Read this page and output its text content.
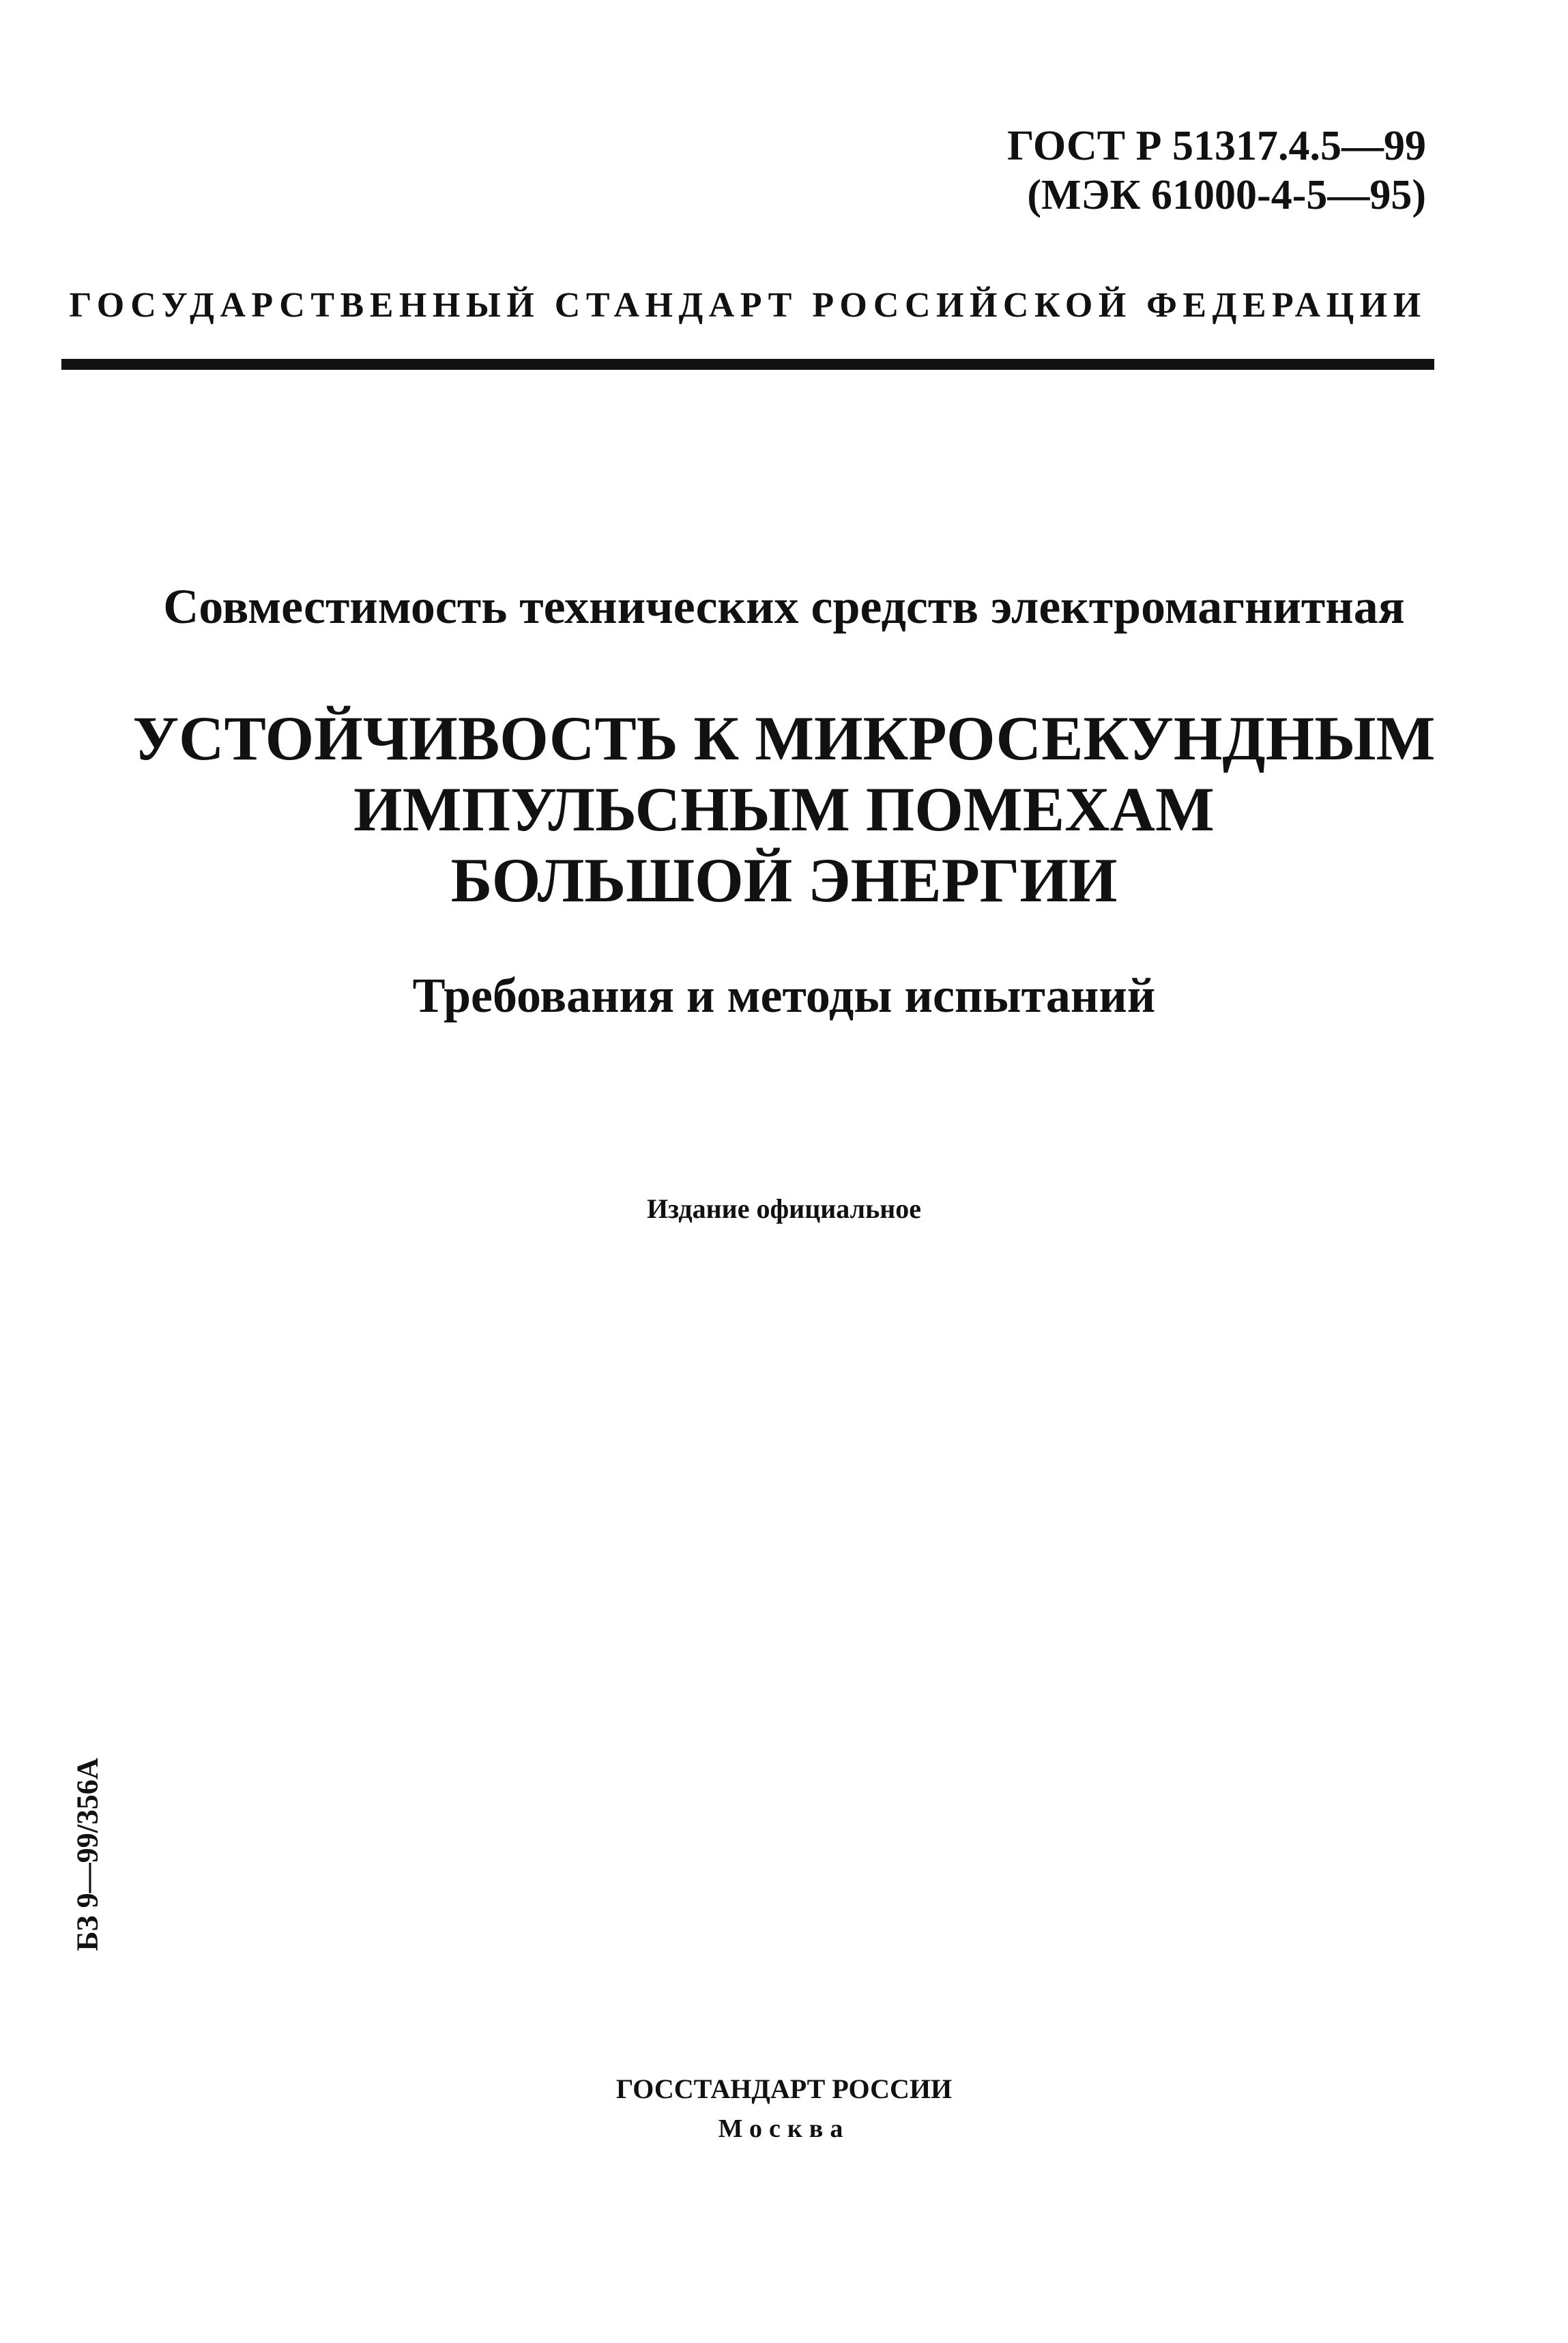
ГОСТ Р 51317.4.5—99
(МЭК 61000-4-5—95)
ГОСУДАРСТВЕННЫЙ СТАНДАРТ РОССИЙСКОЙ ФЕДЕРАЦИИ
Совместимость технических средств электромагнитная
УСТОЙЧИВОСТЬ К МИКРОСЕКУНДНЫМ
ИМПУЛЬСНЫМ ПОМЕХАМ
БОЛЬШОЙ ЭНЕРГИИ
Требования и методы испытаний
Издание официальное
БЗ 9—99/356А
ГОССТАНДАРТ РОССИИ
Москва
